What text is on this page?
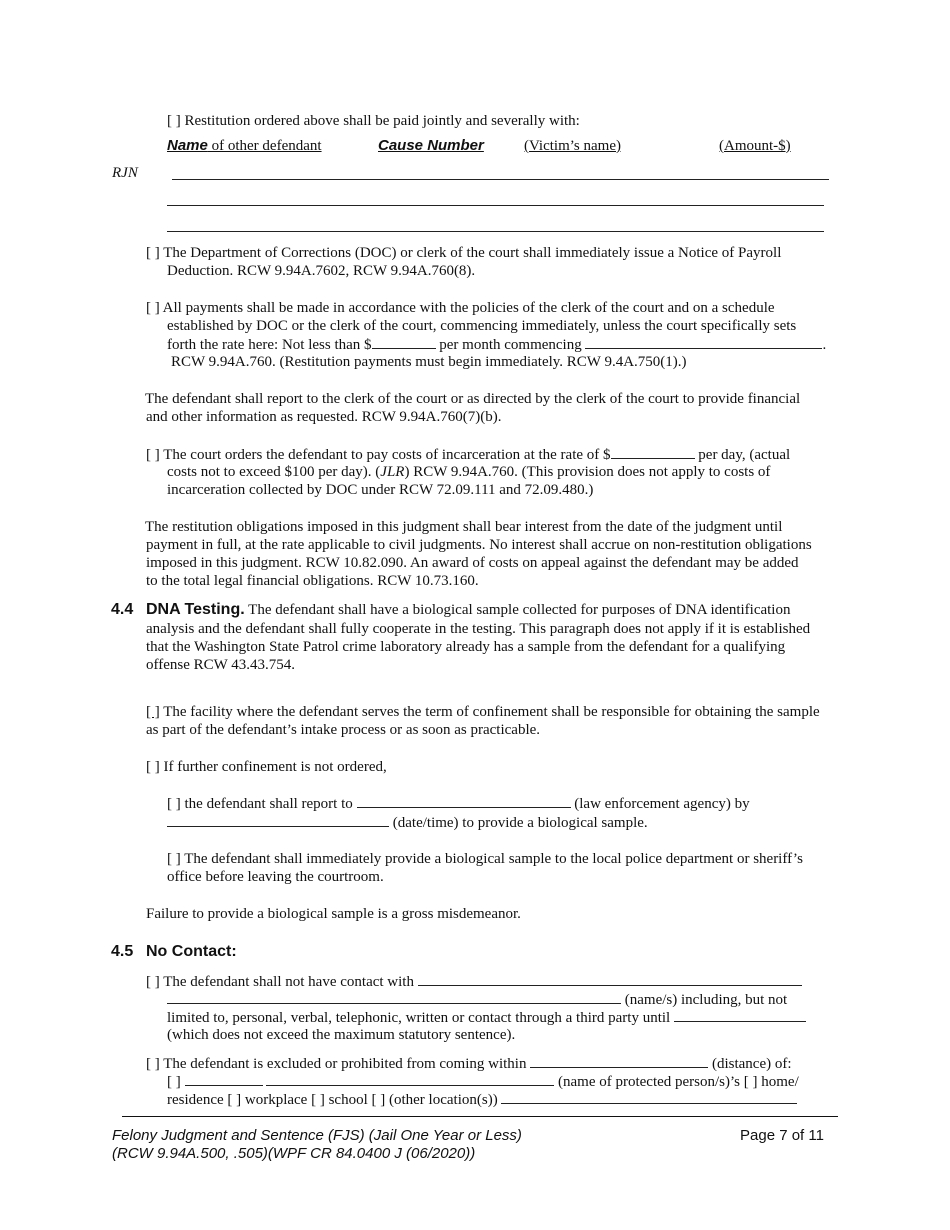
[ ] Restitution ordered above shall be paid jointly and severally with:
Name of other defendant	Cause Number	(Victim’s name)	(Amount-$)
RJN
[ ] The Department of Corrections (DOC) or clerk of the court shall immediately issue a Notice of Payroll
Deduction. RCW 9.94A.7602, RCW 9.94A.760(8).
[ ] All payments shall be made in accordance with the policies of the clerk of the court and on a schedule
established by DOC or the clerk of the court, commencing immediately, unless the court specifically sets
forth the rate here: Not less than $	per month commencing	.
RCW 9.94A.760. (Restitution payments must begin immediately. RCW 9.4A.750(1).)
The defendant shall report to the clerk of the court or as directed by the clerk of the court to provide financial
and other information as requested. RCW 9.94A.760(7)(b).
[ ] The court orders the defendant to pay costs of incarceration at the rate of $	per day, (actual
costs not to exceed $100 per day). (JLR) RCW 9.94A.760. (This provision does not apply to costs of
incarceration collected by DOC under RCW 72.09.111 and 72.09.480.)
The restitution obligations imposed in this judgment shall bear interest from the date of the judgment until
payment in full, at the rate applicable to civil judgments. No interest shall accrue on non-restitution obligations
imposed in this judgment. RCW 10.82.090. An award of costs on appeal against the defendant may be added
to the total legal financial obligations. RCW 10.73.160.
4.4 DNA Testing. The defendant shall have a biological sample collected for purposes of DNA identification
analysis and the defendant shall fully cooperate in the testing. This paragraph does not apply if it is established
that the Washington State Patrol crime laboratory already has a sample from the defendant for a qualifying
offense RCW 43.43.754.
[ ] The facility where the defendant serves the term of confinement shall be responsible for obtaining the sample
as part of the defendant’s intake process or as soon as practicable.
[ ] If further confinement is not ordered,
[ ] the defendant shall report to	(law enforcement agency) by
(date/time) to provide a biological sample.
[ ] The defendant shall immediately provide a biological sample to the local police department or sheriff’s
office before leaving the courtroom.
Failure to provide a biological sample is a gross misdemeanor.
4.5 No Contact:
[ ] The defendant shall not have contact with
(name/s) including, but not
limited to, personal, verbal, telephonic, written or contact through a third party until
(which does not exceed the maximum statutory sentence).
[ ] The defendant is excluded or prohibited from coming within	(distance) of:
[ ]	(name of protected person/s)’s [ ] home/
residence [ ] workplace [ ] school [ ] (other location(s))
Felony Judgment and Sentence (FJS) (Jail One Year or Less)
(RCW 9.94A.500, .505)(WPF CR 84.0400 J (06/2020))
Page 7 of 11
